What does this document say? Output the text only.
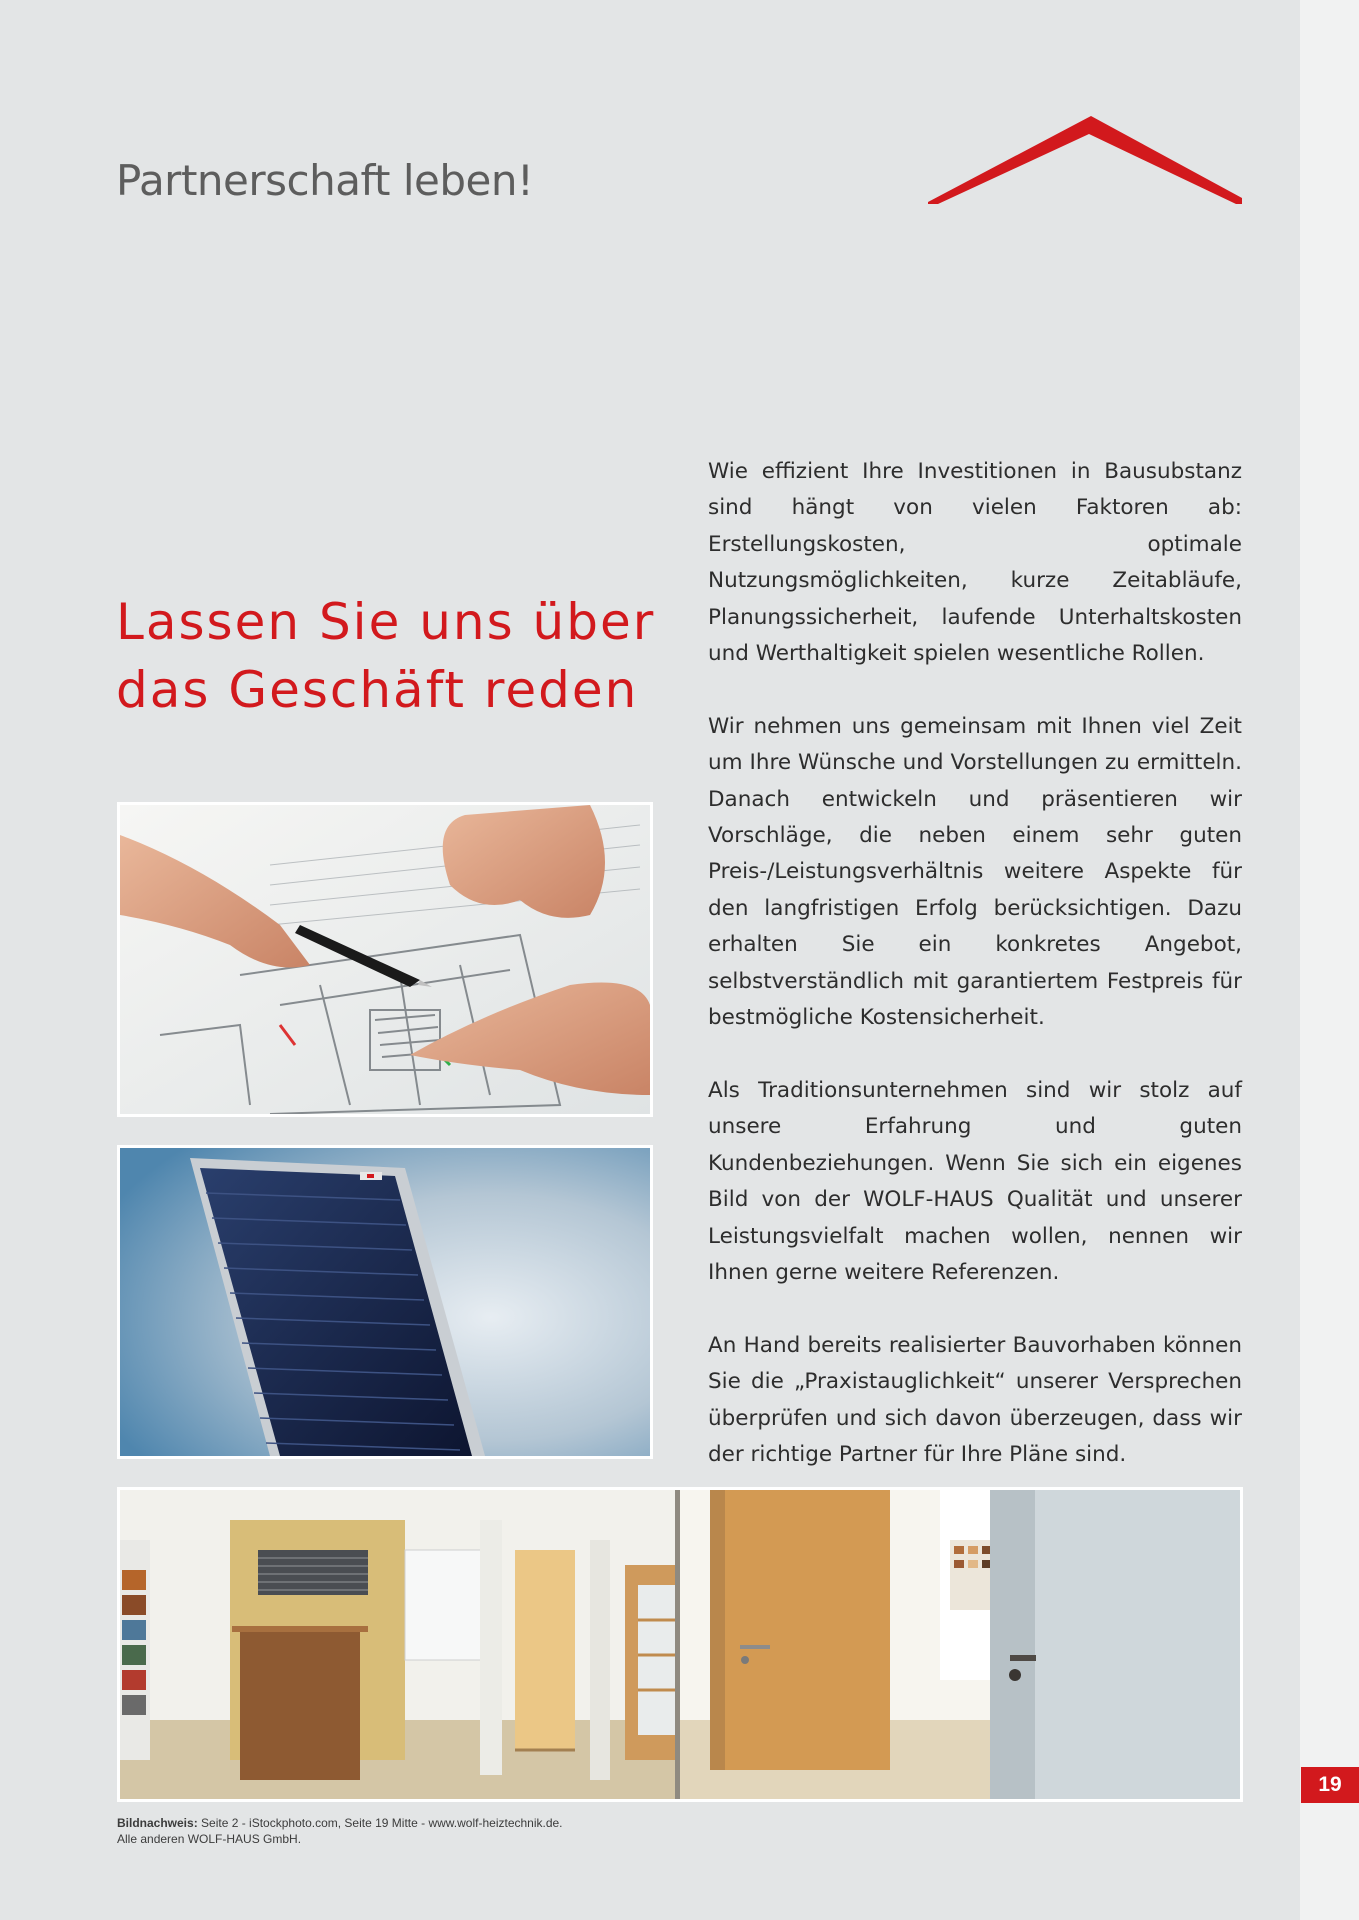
Partnerschaft leben!
Lassen Sie uns über
das Geschäft reden

Wie effizient Ihre Investitionen in Bausubstanz sind hängt von vielen Faktoren ab: Erstellungskosten, optimale Nutzungsmöglichkeiten, kurze Zeitabläufe, Planungssicherheit, laufende Unterhaltskosten und Werthaltigkeit spielen wesentliche Rollen.

Wir nehmen uns gemeinsam mit Ihnen viel Zeit um Ihre Wünsche und Vorstellungen zu ermitteln. Danach entwickeln und präsentieren wir Vorschläge, die neben einem sehr guten Preis-/Leistungsverhältnis weitere Aspekte für den langfristigen Erfolg berücksichtigen. Dazu erhalten Sie ein konkretes Angebot, selbstverständlich mit garantiertem Festpreis für bestmögliche Kostensicherheit.

Als Traditionsunternehmen sind wir stolz auf unsere Erfahrung und guten Kundenbeziehungen. Wenn Sie sich ein eigenes Bild von der WOLF-HAUS Qualität und unserer Leistungsvielfalt machen wollen, nennen wir Ihnen gerne weitere Referenzen.

An Hand bereits realisierter Bauvorhaben können Sie die „Praxistauglichkeit“ unserer Versprechen überprüfen und sich davon überzeugen, dass wir der richtige Partner für Ihre Pläne sind.

Bildnachweis: Seite 2 - iStockphoto.com, Seite 19 Mitte - www.wolf-heiztechnik.de.
Alle anderen WOLF-HAUS GmbH.
19
